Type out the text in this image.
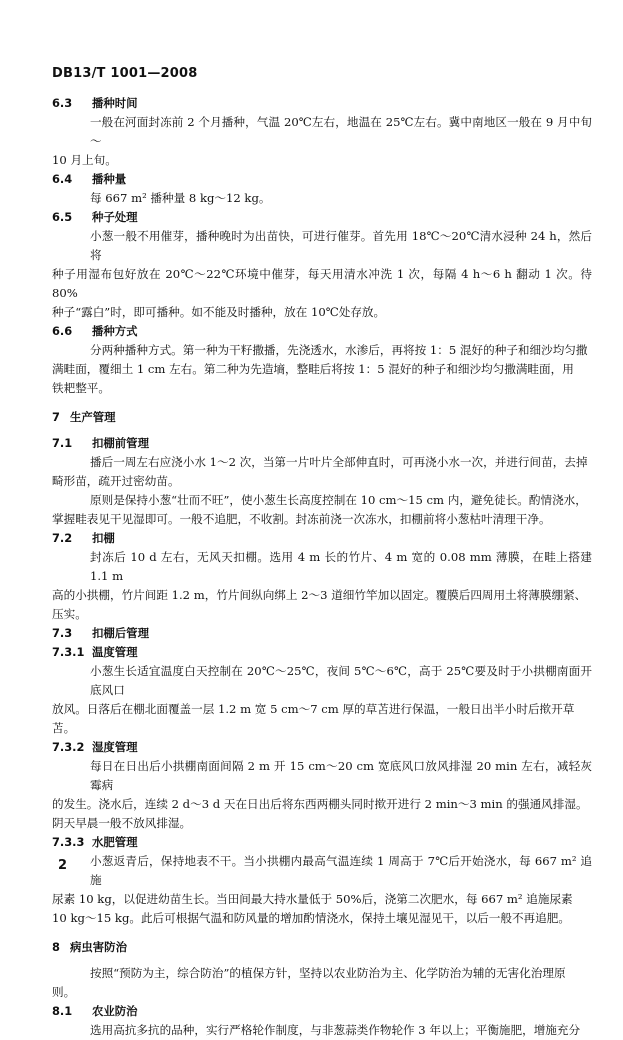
DB13/T 1001—2008
6.3 播种时间
一般在河面封冻前 2 个月播种，气温 20℃左右，地温在 25℃左右。冀中南地区一般在 9 月中旬～
10 月上旬。
6.4 播种量
每 667 m² 播种量 8 kg～12 kg。
6.5 种子处理
小葱一般不用催芽，播种晚时为出苗快，可进行催芽。首先用 18℃～20℃清水浸种 24 h，然后将
种子用湿布包好放在 20℃～22℃环境中催芽，每天用清水冲洗 1 次，每隔 4 h～6 h 翻动 1 次。待 80%
种子“露白”时，即可播种。如不能及时播种，放在 10℃处存放。
6.6 播种方式
分两种播种方式。第一种为干籽撒播，先浇透水，水渗后，再将按 1：5 混好的种子和细沙均匀撒
满畦面，覆细土 1 cm 左右。第二种为先造墒，整畦后将按 1：5 混好的种子和细沙均匀撒满畦面，用
铁耙整平。
7 生产管理
7.1 扣棚前管理
播后一周左右应浇小水 1～2 次，当第一片叶片全部伸直时，可再浇小水一次，并进行间苗，去掉
畸形苗，疏开过密幼苗。
原则是保持小葱“壮而不旺”，使小葱生长高度控制在 10 cm～15 cm 内，避免徒长。酌情浇水，
掌握畦表见干见湿即可。一般不追肥，不收割。封冻前浇一次冻水，扣棚前将小葱枯叶清理干净。
7.2 扣棚
封冻后 10 d 左右，无风天扣棚。选用 4 m 长的竹片、4 m 宽的 0.08 mm 薄膜，在畦上搭建 1.1 m
高的小拱棚，竹片间距 1.2 m，竹片间纵向绑上 2～3 道细竹竿加以固定。覆膜后四周用土将薄膜绷紧、
压实。
7.3 扣棚后管理
7.3.1 温度管理
小葱生长适宜温度白天控制在 20℃～25℃，夜间 5℃～6℃，高于 25℃要及时于小拱棚南面开底风口
放风。日落后在棚北面覆盖一层 1.2 m 宽 5 cm～7 cm 厚的草苫进行保温，一般日出半小时后揿开草
苫。
7.3.2 湿度管理
每日在日出后小拱棚南面间隔 2 m 开 15 cm～20 cm 宽底风口放风排湿 20 min 左右，减轻灰霉病
的发生。浇水后，连续 2 d～3 d 天在日出后将东西两棚头同时揿开进行 2 min～3 min 的强通风排湿。
阴天早晨一般不放风排湿。
7.3.3 水肥管理
小葱返青后，保持地表不干。当小拱棚内最高气温连续 1 周高于 7℃后开始浇水，每 667 m² 追施
尿素 10 kg，以促进幼苗生长。当田间最大持水量低于 50%后，浇第二次肥水，每 667 m² 追施尿素
10 kg～15 kg。此后可根据气温和防风量的增加酌情浇水，保持土壤见湿见干，以后一般不再追肥。
8 病虫害防治
按照“预防为主，综合防治”的植保方针，坚持以农业防治为主、化学防治为辅的无害化治理原
则。
8.1 农业防治
选用高抗多抗的品种，实行严格轮作制度，与非葱蒜类作物轮作 3 年以上；平衡施肥，增施充分
2
